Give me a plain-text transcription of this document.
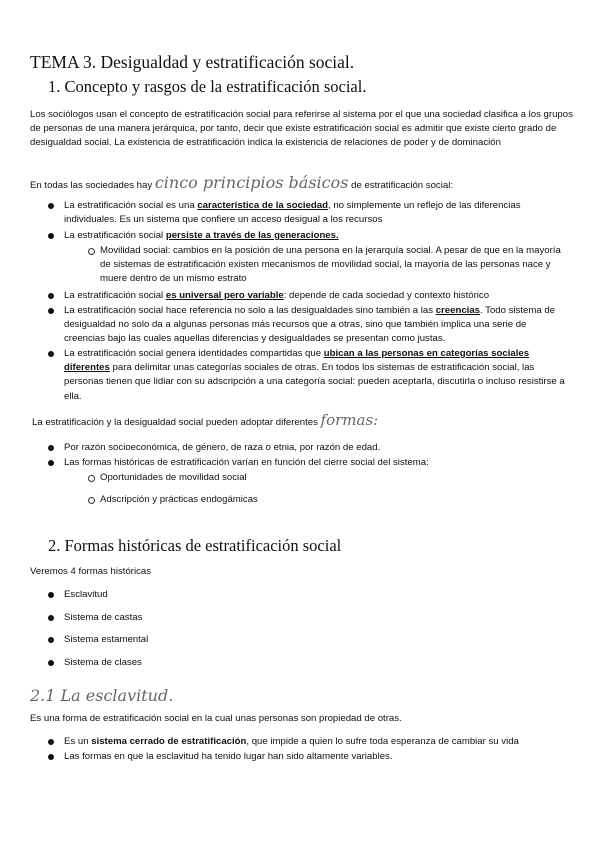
TEMA 3. Desigualdad y estratificación social.
1. Concepto y rasgos de la estratificación social.
Los sociólogos usan el concepto de estratificación social para referirse al sistema por el que una sociedad clasifica a los grupos de personas de una manera jerárquica, por tanto, decir que existe estratificación social es admitir que existe cierto grado de desigualdad social. La existencia de estratificación indica la existencia de relaciones de poder y de dominación
En todas las sociedades hay cinco principios básicos de estratificación social:
La estratificación social es una característica de la sociedad, no simplemente un reflejo de las diferencias individuales. Es un sistema que confiere un acceso desigual a los recursos
La estratificación social persiste a través de las generaciones.
Movilidad social: cambios en la posición de una persona en la jerarquía social. A pesar de que en la mayoría de sistemas de estratificación existen mecanismos de movilidad social, la mayoría de las personas nace y muere dentro de un mismo estrato
La estratificación social es universal pero variable: depende de cada sociedad y contexto histórico
La estratificación social hace referencia no solo a las desigualdades sino también a las creencias. Todo sistema de desigualdad no solo da a algunas personas más recursos que a otras, sino que también implica una serie de creencias bajo las cuales aquellas diferencias y desigualdades se presentan como justas.
La estratificación social genera identidades compartidas que ubican a las personas en categorías sociales diferentes para delimitar unas categorías sociales de otras. En todos los sistemas de estratificación social, las personas tienen que lidiar con su adscripción a una categoría social: pueden aceptarla, discutirla o incluso resistirse a ella.
La estratificación y la desigualdad social pueden adoptar diferentes formas:
Por razón socioeconómica, de género, de raza o etnia, por razón de edad.
Las formas históricas de estratificación varían en función del cierre social del sistema:
Oportunidades de movilidad social
Adscripción y prácticas endogámicas
2. Formas históricas de estratificación social
Veremos 4 formas históricas
Esclavitud
Sistema de castas
Sistema estamental
Sistema de clases
2.1 La esclavitud.
Es una forma de estratificación social en la cual unas personas son propiedad de otras.
Es un sistema cerrado de estratificación, que impide a quien lo sufre toda esperanza de cambiar su vida
Las formas en que la esclavitud ha tenido lugar han sido altamente variables.
